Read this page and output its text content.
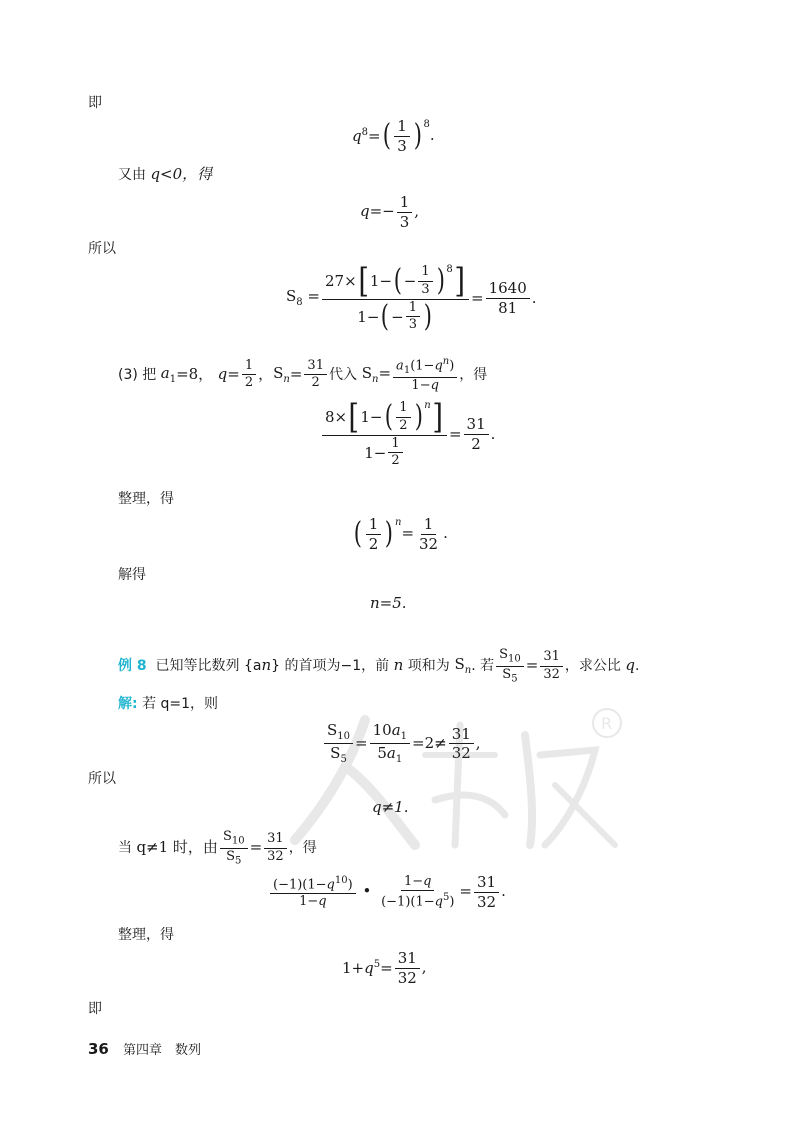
即
$q^8=$ ( $\frac{1}{3} )^8$
.
又由 q<0，得
$q=- \frac{1}{3}$ ,
所以
$S_8 = \frac{27\times [ 1- ( - \frac{1}{3} )^8 ]}{1- ( - \frac{1}{3} )} = \frac{1640}{81}$ .
(3) 把
$a_1 =8$，
$q= \frac{1}{2}$ ， $S_n = \frac{31}{2}$ 代入 $S_n= \frac{a_1(1-q^n)}{1-q}$ ，得
$\frac{8\times [ 1- ( \frac{1}{2} ) ^n ]}{1- \frac{1}{2}} = \frac{31}{2}$ .
整理，得
( $\frac{1}{2}$ ) $^n$
= $\frac{1}{32}$ .
解得
n=5.
例 8
已知等比数列 {a n } 的首项为−1，前
n
项和为 $S_n$ . 若 $\frac{S_{10}}{S_5} = \frac{31}{32}$ ，求公比
q .
解: 若 q=1，则
$\frac{S_{10}}{S_5} = \frac{10a_1}{5a_1} =2\ne \frac{31}{32}$ ,
所以
q≠1.
当
q≠1 时，由 $\frac{S_{10}}{S_5} = \frac{31}{32}$ ，得
$\frac{(-1)(1-q^{10})}{1-q}$ • $\frac{1-q}{(-1)(1-q^5)} = \frac{31}{32}$ .
整理，得
$1+q^5= \frac{31}{32}$ ,
即
36 第四章　数列
R
